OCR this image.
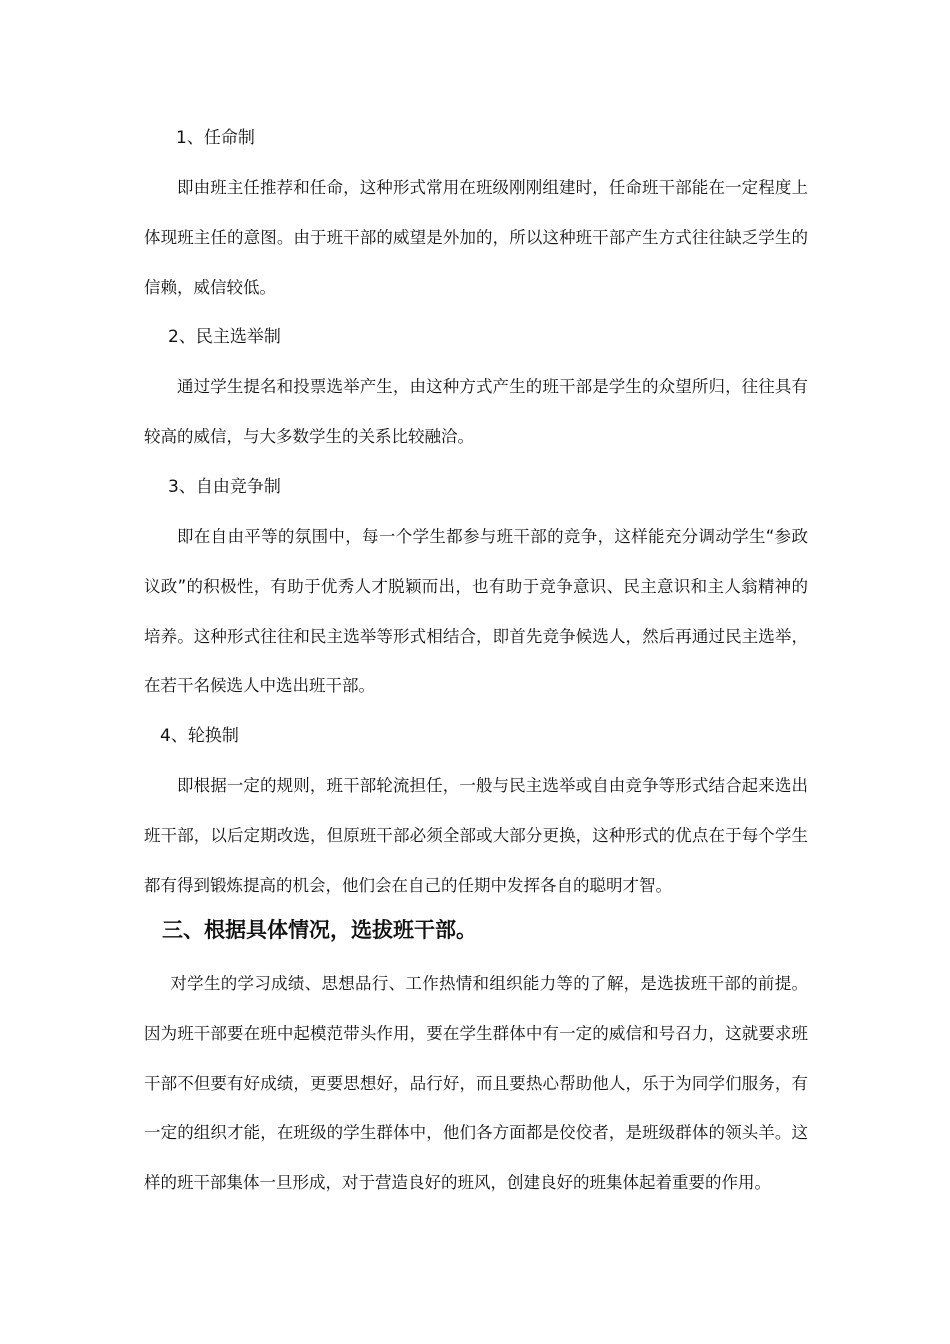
1、任命制
即由班主任推荐和任命，这种形式常用在班级刚刚组建时，任命班干部能在一定程度上体现班主任的意图。由于班干部的威望是外加的，所以这种班干部产生方式往往缺乏学生的信赖，威信较低。
2、民主选举制
通过学生提名和投票选举产生，由这种方式产生的班干部是学生的众望所归，往往具有较高的威信，与大多数学生的关系比较融洽。
3、自由竞争制
即在自由平等的氛围中，每一个学生都参与班干部的竞争，这样能充分调动学生“参政议政”的积极性，有助于优秀人才脱颖而出，也有助于竞争意识、民主意识和主人翁精神的培养。这种形式往往和民主选举等形式相结合，即首先竞争候选人，然后再通过民主选举，在若干名候选人中选出班干部。
4、轮换制
即根据一定的规则，班干部轮流担任，一般与民主选举或自由竞争等形式结合起来选出班干部，以后定期改选，但原班干部必须全部或大部分更换，这种形式的优点在于每个学生都有得到锻炼提高的机会，他们会在自己的任期中发挥各自的聪明才智。
三、根据具体情况，选拔班干部。
对学生的学习成绩、思想品行、工作热情和组织能力等的了解，是选拔班干部的前提。因为班干部要在班中起模范带头作用，要在学生群体中有一定的威信和号召力，这就要求班干部不但要有好成绩，更要思想好，品行好，而且要热心帮助他人，乐于为同学们服务，有一定的组织才能，在班级的学生群体中，他们各方面都是佼佼者，是班级群体的领头羊。这样的班干部集体一旦形成，对于营造良好的班风，创建良好的班集体起着重要的作用。
